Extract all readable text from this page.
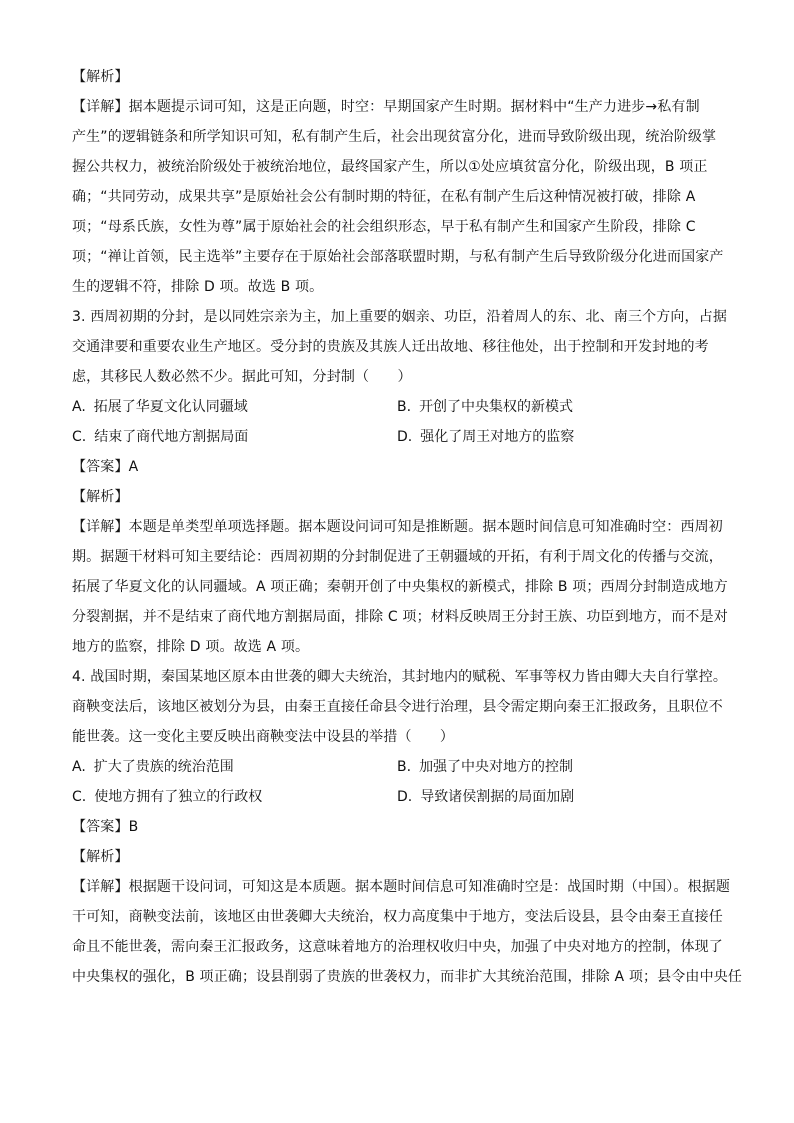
【解析】
【详解】据本题提示词可知，这是正向题，时空：早期国家产生时期。据材料中“生产力进步→私有制
产生”的逻辑链条和所学知识可知，私有制产生后，社会出现贫富分化，进而导致阶级出现，统治阶级掌
握公共权力，被统治阶级处于被统治地位，最终国家产生，所以①处应填贫富分化，阶级出现，B 项正
确；“共同劳动，成果共享”是原始社会公有制时期的特征，在私有制产生后这种情况被打破，排除 A
项；“母系氏族，女性为尊”属于原始社会的社会组织形态，早于私有制产生和国家产生阶段，排除 C
项；“禅让首领，民主选举”主要存在于原始社会部落联盟时期，与私有制产生后导致阶级分化进而国家产
生的逻辑不符，排除 D 项。故选 B 项。
3. 西周初期的分封，是以同姓宗亲为主，加上重要的姻亲、功臣，沿着周人的东、北、南三个方向，占据
交通津要和重要农业生产地区。受分封的贵族及其族人迁出故地、移往他处，出于控制和开发封地的考
虑，其移民人数必然不少。据此可知，分封制（　　）
A. 拓展了华夏文化认同疆域	B. 开创了中央集权的新模式
C. 结束了商代地方割据局面	D. 强化了周王对地方的监察
【答案】A
【解析】
【详解】本题是单类型单项选择题。据本题设问词可知是推断题。据本题时间信息可知准确时空：西周初
期。据题干材料可知主要结论：西周初期的分封制促进了王朝疆域的开拓，有利于周文化的传播与交流，
拓展了华夏文化的认同疆域。A 项正确；秦朝开创了中央集权的新模式，排除 B 项；西周分封制造成地方
分裂割据，并不是结束了商代地方割据局面，排除 C 项；材料反映周王分封王族、功臣到地方，而不是对
地方的监察，排除 D 项。故选 A 项。
4. 战国时期，秦国某地区原本由世袭的卿大夫统治，其封地内的赋税、军事等权力皆由卿大夫自行掌控。
商鞅变法后，该地区被划分为县，由秦王直接任命县令进行治理，县令需定期向秦王汇报政务，且职位不
能世袭。这一变化主要反映出商鞅变法中设县的举措（　　）
A. 扩大了贵族的统治范围	B. 加强了中央对地方的控制
C. 使地方拥有了独立的行政权	D. 导致诸侯割据的局面加剧
【答案】B
【解析】
【详解】根据题干设问词，可知这是本质题。据本题时间信息可知准确时空是：战国时期（中国）。根据题
干可知，商鞅变法前，该地区由世袭卿大夫统治，权力高度集中于地方，变法后设县，县令由秦王直接任
命且不能世袭，需向秦王汇报政务，这意味着地方的治理权收归中央，加强了中央对地方的控制，体现了
中央集权的强化，B 项正确；设县削弱了贵族的世袭权力，而非扩大其统治范围，排除 A 项；县令由中央任
